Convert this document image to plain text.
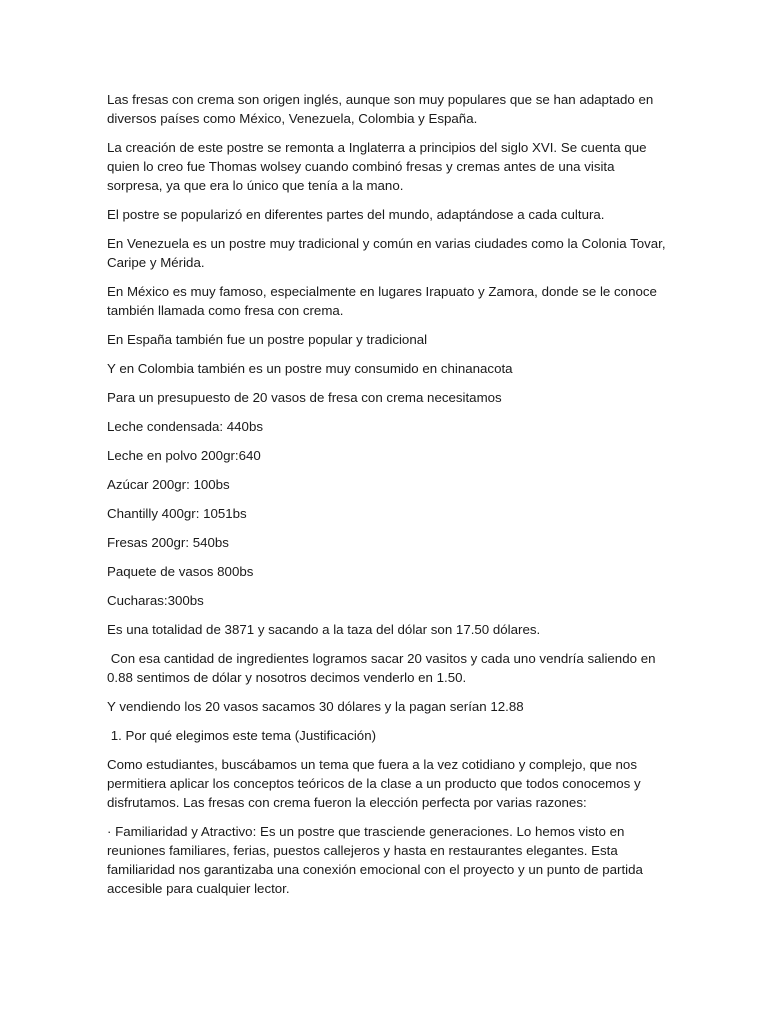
Las fresas con crema son origen inglés, aunque son muy populares que se han adaptado en diversos países como México, Venezuela, Colombia y España.

La creación de este postre se remonta a Inglaterra a principios del siglo XVI. Se cuenta que quien lo creo fue Thomas wolsey cuando combinó fresas y cremas antes de una visita sorpresa, ya que era lo único que tenía a la mano.

El postre se popularizó en diferentes partes del mundo, adaptándose a cada cultura.

En Venezuela es un postre muy tradicional y común en varias ciudades como la Colonia Tovar, Caripe y Mérida.

En México es muy famoso, especialmente en lugares Irapuato y Zamora, donde se le conoce también llamada como fresa con crema.

En España también fue un postre popular y tradicional

Y en Colombia también es un postre muy consumido en chinanacota

Para un presupuesto de 20 vasos de fresa con crema necesitamos

Leche condensada: 440bs

Leche en polvo 200gr:640

Azúcar 200gr: 100bs

Chantilly 400gr: 1051bs

Fresas 200gr: 540bs

Paquete de vasos 800bs

Cucharas:300bs

Es una totalidad de 3871 y sacando a la taza del dólar son 17.50 dólares.

Con esa cantidad de ingredientes logramos sacar 20 vasitos y cada uno vendría saliendo en 0.88 sentimos de dólar y nosotros decimos venderlo en 1.50.

Y vendiendo los 20 vasos sacamos 30 dólares y la pagan serían 12.88

1. Por qué elegimos este tema (Justificación)

Como estudiantes, buscábamos un tema que fuera a la vez cotidiano y complejo, que nos permitiera aplicar los conceptos teóricos de la clase a un producto que todos conocemos y disfrutamos. Las fresas con crema fueron la elección perfecta por varias razones:

· Familiaridad y Atractivo: Es un postre que trasciende generaciones. Lo hemos visto en reuniones familiares, ferias, puestos callejeros y hasta en restaurantes elegantes. Esta familiaridad nos garantizaba una conexión emocional con el proyecto y un punto de partida accesible para cualquier lector.
